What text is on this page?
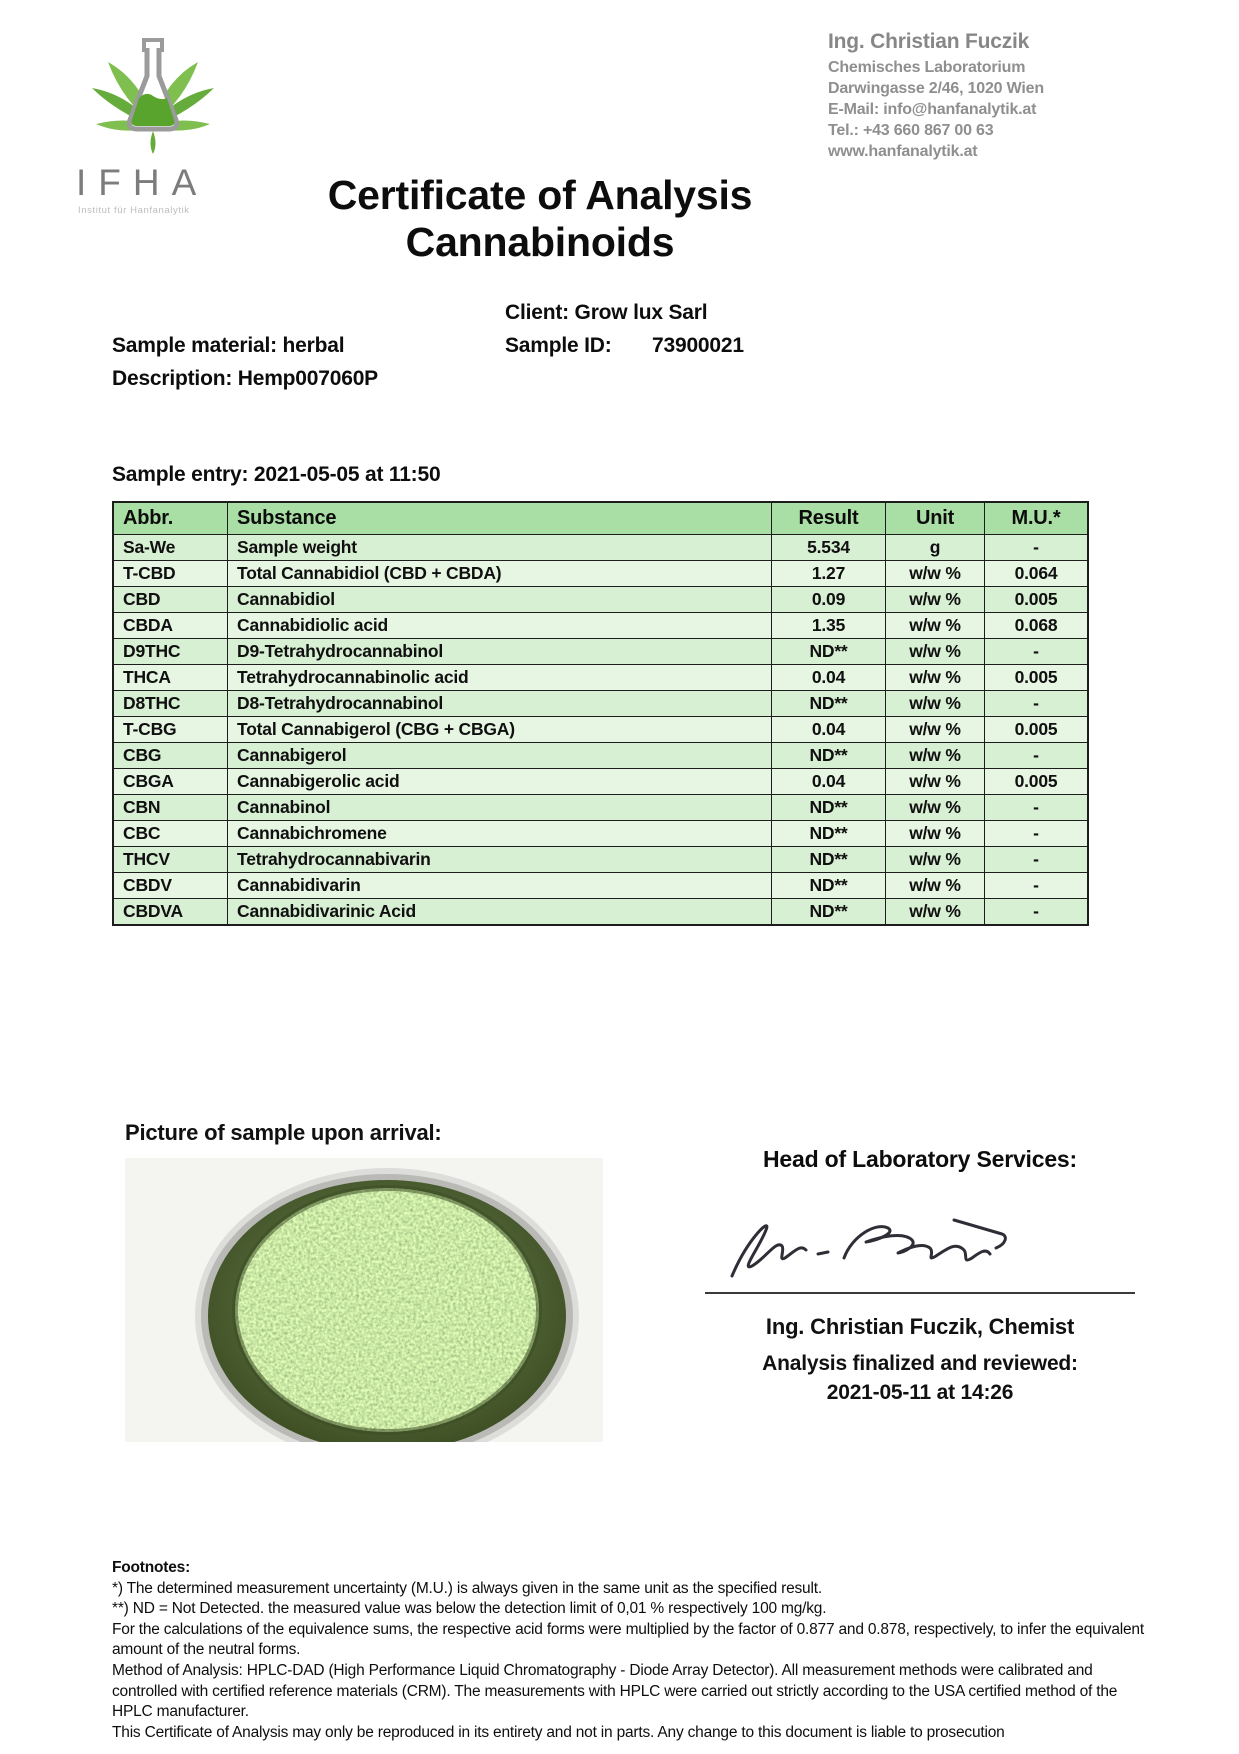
IFHA
Institut für Hanfanalytik
Ing. Christian Fuczik
Chemisches Laboratorium
Darwingasse 2/46, 1020 Wien
E-Mail: info@hanfanalytik.at
Tel.: +43 660 867 00 63
www.hanfanalytik.at
Certificate of Analysis
Cannabinoids
Client: Grow lux Sarl
Sample material: herbal	Sample ID: 73900021
Description: Hemp007060P
Sample entry: 2021-05-05 at 11:50
Abbr.	Substance	Result	Unit	M.U.*
Sa-We	Sample weight	5.534	g	-
T-CBD	Total Cannabidiol (CBD + CBDA)	1.27	w/w %	0.064
CBD	Cannabidiol	0.09	w/w %	0.005
CBDA	Cannabidiolic acid	1.35	w/w %	0.068
D9THC	D9-Tetrahydrocannabinol	ND**	w/w %	-
THCA	Tetrahydrocannabinolic acid	0.04	w/w %	0.005
D8THC	D8-Tetrahydrocannabinol	ND**	w/w %	-
T-CBG	Total Cannabigerol (CBG + CBGA)	0.04	w/w %	0.005
CBG	Cannabigerol	ND**	w/w %	-
CBGA	Cannabigerolic acid	0.04	w/w %	0.005
CBN	Cannabinol	ND**	w/w %	-
CBC	Cannabichromene	ND**	w/w %	-
THCV	Tetrahydrocannabivarin	ND**	w/w %	-
CBDV	Cannabidivarin	ND**	w/w %	-
CBDVA	Cannabidivarinic Acid	ND**	w/w %	-
Picture of sample upon arrival:
Head of Laboratory Services:
Ing. Christian Fuczik, Chemist
Analysis finalized and reviewed:
2021-05-11 at 14:26
Footnotes:
*) The determined measurement uncertainty (M.U.) is always given in the same unit as the specified result.
**) ND = Not Detected. the measured value was below the detection limit of 0,01 % respectively 100 mg/kg.
For the calculations of the equivalence sums, the respective acid forms were multiplied by the factor of 0.877 and 0.878, respectively, to infer the equivalent amount of the neutral forms.
Method of Analysis: HPLC-DAD (High Performance Liquid Chromatography - Diode Array Detector). All measurement methods were calibrated and controlled with certified reference materials (CRM). The measurements with HPLC were carried out strictly according to the USA certified method of the HPLC manufacturer.
This Certificate of Analysis may only be reproduced in its entirety and not in parts. Any change to this document is liable to prosecution
